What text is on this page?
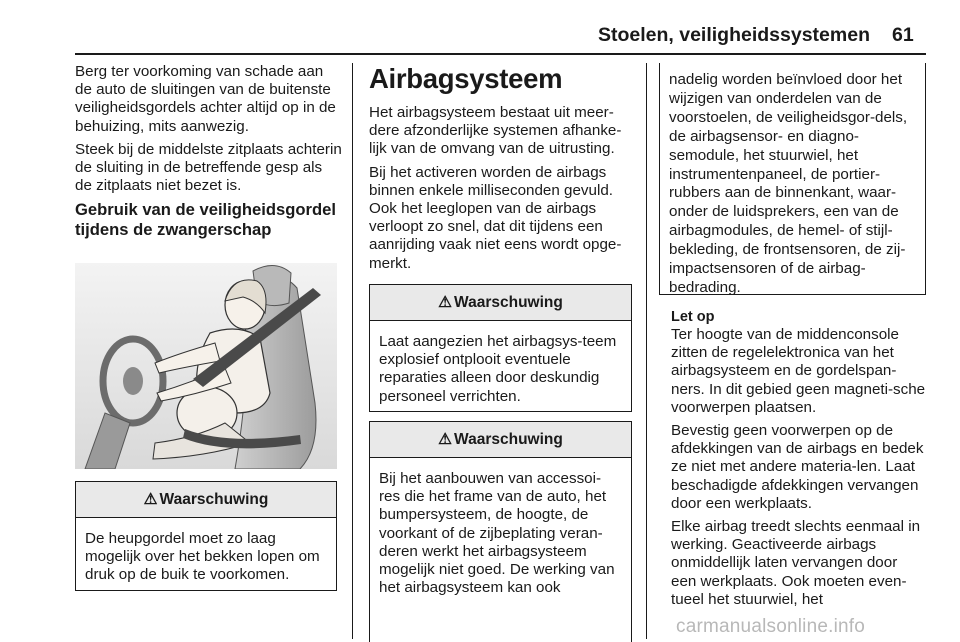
Stoelen, veiligheidssystemen 61

Berg ter voorkoming van schade aan de auto de sluitingen van de buitenste veiligheidsgordels achter altijd op in de behuizing, mits aanwezig.

Steek bij de middelste zitplaats achterin de sluiting in de betreffende gesp als de zitplaats niet bezet is.

Gebruik van de veiligheidsgordel tijdens de zwangerschap
⚠ Waarschuwing
De heupgordel moet zo laag mogelijk over het bekken lopen om druk op de buik te voorkomen.
Airbagsysteem

Het airbagsysteem bestaat uit meer-dere afzonderlijke systemen afhanke-lijk van de omvang van de uitrusting.

Bij het activeren worden de airbags binnen enkele milliseconden gevuld. Ook het leeglopen van de airbags verloopt zo snel, dat dit tijdens een aanrijding vaak niet eens wordt opge-merkt.

⚠ Waarschuwing
Laat aangezien het airbagsys-teem explosief ontplooit eventuele reparaties alleen door deskundig personeel verrichten.
⚠ Waarschuwing
Bij het aanbouwen van accessoi-res die het frame van de auto, het bumpersysteem, de hoogte, de voorkant of de zijbeplating veran-deren werkt het airbagsysteem mogelijk niet goed. De werking van het airbagsysteem kan ook
nadelig worden beïnvloed door het wijzigen van onderdelen van de voorstoelen, de veiligheidsgor-dels, de airbagsensor- en diagno-semodule, het stuurwiel, het instrumentenpaneel, de portier-rubbers aan de binnenkant, waar-onder de luidsprekers, een van de airbagmodules, de hemel- of stijl-bekleding, de frontsensoren, de zij-impactsensoren of de airbag-bedrading.
Let op

Ter hoogte van de middenconsole zitten de regelelektronica van het airbagsysteem en de gordelspan-ners. In dit gebied geen magneti-sche voorwerpen plaatsen.

Bevestig geen voorwerpen op de afdekkingen van de airbags en bedek ze niet met andere materia-len. Laat beschadigde afdekkingen vervangen door een werkplaats.

Elke airbag treedt slechts eenmaal in werking. Geactiveerde airbags onmiddellijk laten vervangen door een werkplaats. Ook moeten even-tueel het stuurwiel, het

carmanualsonline.info
